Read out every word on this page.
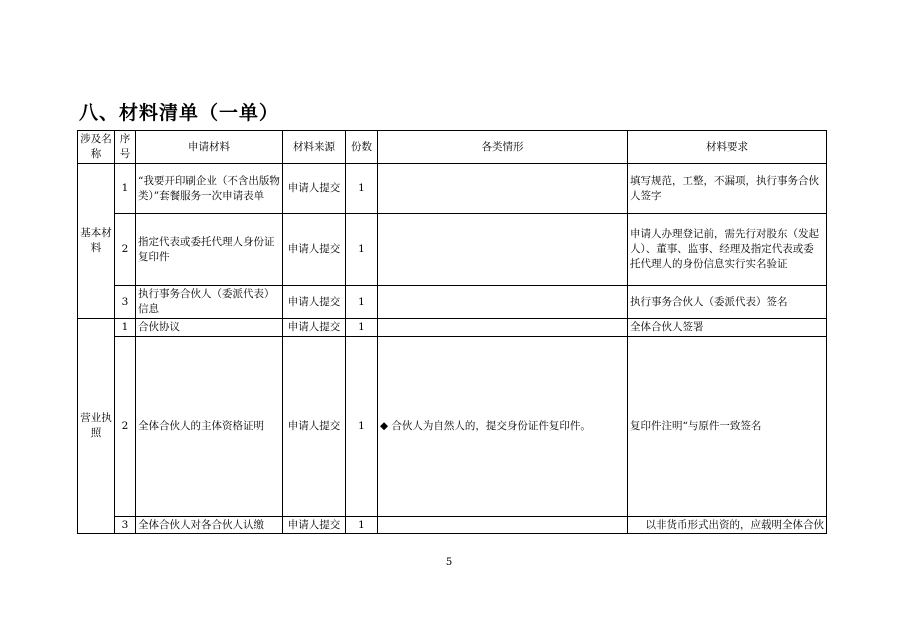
八、材料清单（一单）
涉及名称	序号	申请材料	材料来源	份数	各类情形	材料要求
基本材料	1	“我要开印刷企业（不含出版物类）”套餐服务一次申请表单	申请人提交	1		填写规范，工整，不漏项，执行事务合伙人签字
	2	指定代表或委托代理人身份证复印件	申请人提交	1		申请人办理登记前，需先行对股东（发起人）、董事、监事、经理及指定代表或委托代理人的身份信息实行实名验证
	3	执行事务合伙人（委派代表）信息	申请人提交	1		执行事务合伙人（委派代表）签名
营业执照	1	合伙协议	申请人提交	1		全体合伙人签署
	2	全体合伙人的主体资格证明	申请人提交	1	◆ 合伙人为自然人的，提交身份证件复印件。	复印件注明“与原件一致签名
	3	全体合伙人对各合伙人认缴	申请人提交	1		以非货币形式出资的，应载明全体合伙
5
